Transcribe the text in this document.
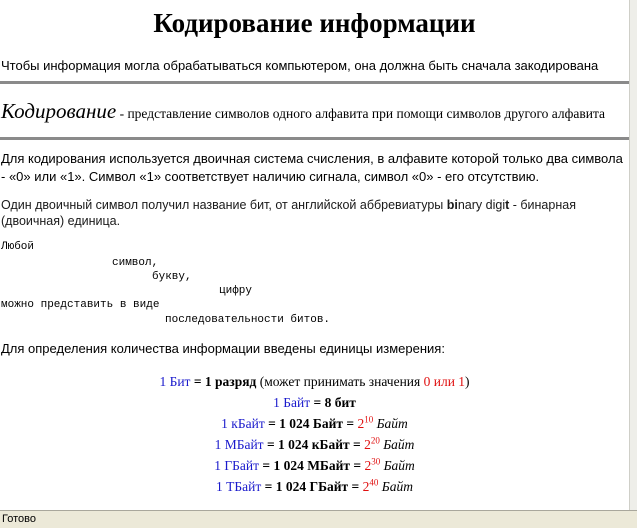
Кодирование информации
Чтобы информация могла обрабатываться компьютером, она должна быть сначала закодирована
Кодирование - представление символов одного алфавита при помощи символов другого алфавита
Для кодирования используется двоичная система счисления, в алфавите которой только два символа - «0» или «1». Символ «1» соответствует наличию сигнала, символ «0» - его отсутствию.
Один двоичный символ получил название бит, от английской аббревиатуры binary digit - бинарная (двоичная) единица.
Любой
символ,
букву,
цифру
можно представить в виде
последовательности битов.
Для определения количества информации введены единицы измерения:
1 Бит = 1 разряд (может принимать значения 0 или 1)
1 Байт = 8 бит
1 кБайт = 1 024 Байт = $2^{10}$ Байт
1 МБайт = 1 024 кБайт = $2^{20}$ Байт
1 ГБайт = 1 024 МБайт = $2^{30}$ Байт
1 ТБайт = 1 024 ГБайт = $2^{40}$ Байт
Готово
